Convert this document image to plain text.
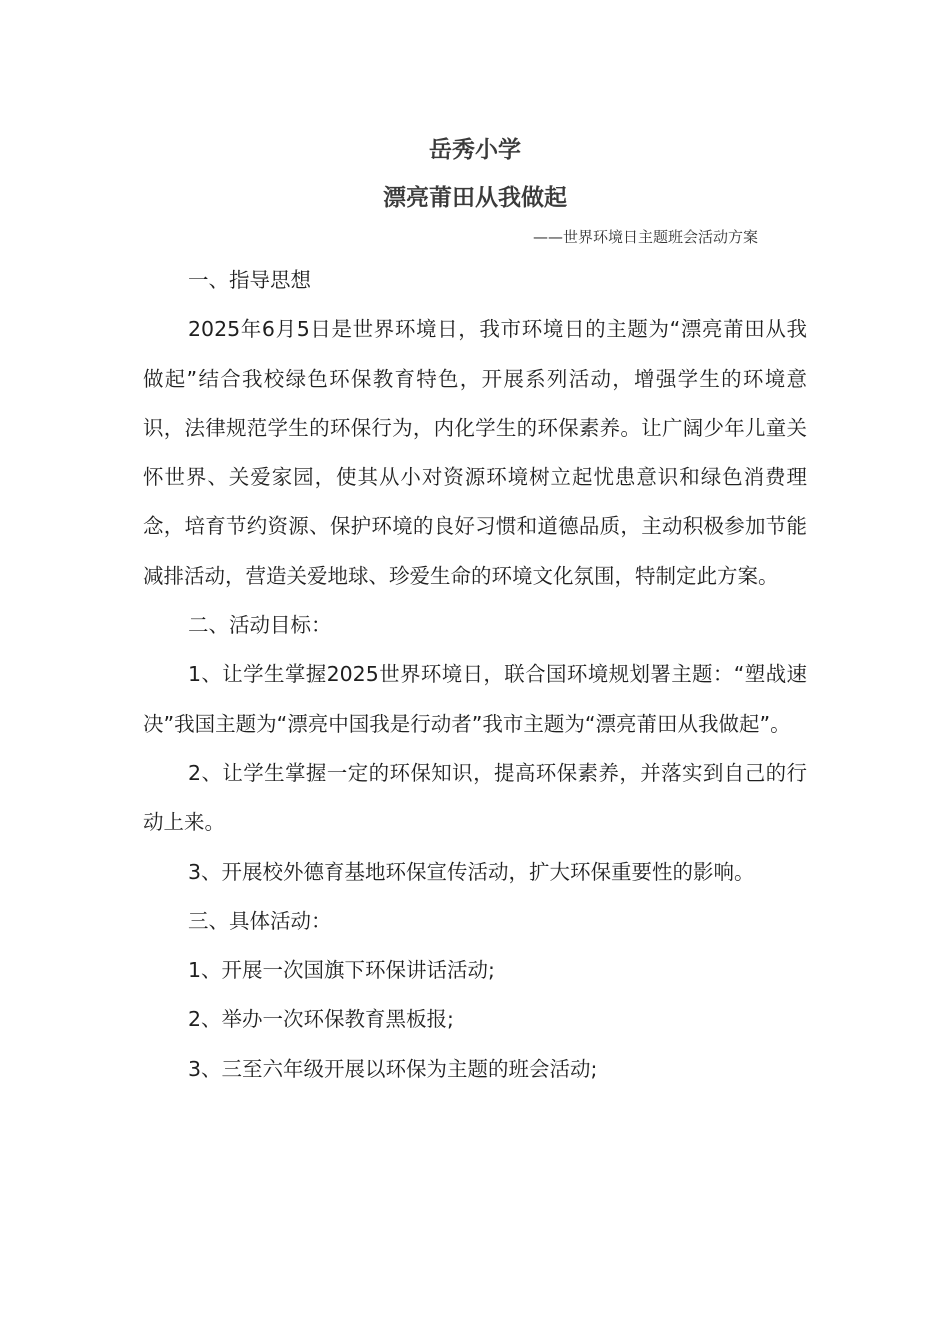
岳秀小学
漂亮莆田从我做起
——世界环境日主题班会活动方案

一、指导思想

2025年6月5日是世界环境日，我市环境日的主题为“漂亮莆田从我做起”结合我校绿色环保教育特色，开展系列活动，增强学生的环境意识，法律规范学生的环保行为，内化学生的环保素养。让广阔少年儿童关怀世界、关爱家园，使其从小对资源环境树立起忧患意识和绿色消费理念，培育节约资源、保护环境的良好习惯和道德品质，主动积极参加节能减排活动，营造关爱地球、珍爱生命的环境文化氛围，特制定此方案。

二、活动目标：

1、让学生掌握2025世界环境日，联合国环境规划署主题：“塑战速决”我国主题为“漂亮中国我是行动者”我市主题为“漂亮莆田从我做起”。

2、让学生掌握一定的环保知识，提高环保素养，并落实到自己的行动上来。

3、开展校外德育基地环保宣传活动，扩大环保重要性的影响。

三、具体活动：

1、开展一次国旗下环保讲话活动;

2、举办一次环保教育黑板报;

3、三至六年级开展以环保为主题的班会活动;
